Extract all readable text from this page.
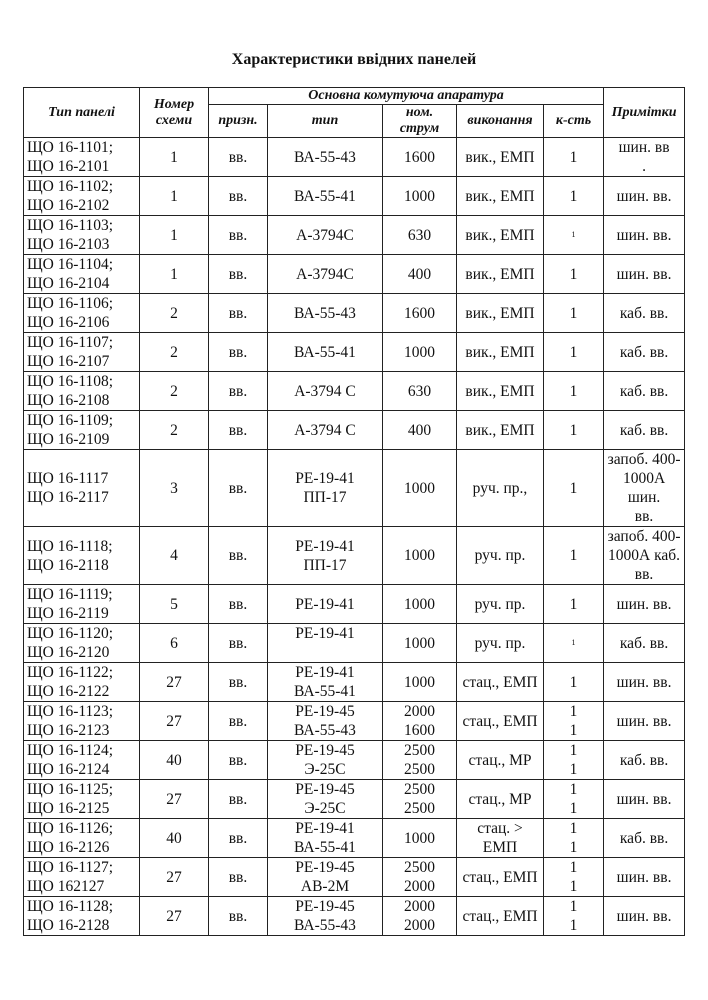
Характеристики ввідних панелей
Тип панелі	Номер схеми	Основна комутуюча апаратура					Примітки
		призн.	тип	ном. струм	виконання	к-сть	

ЩО 16-1101;
ЩО 16-2101	1	вв.	ВА-55-43	1600	вик., ЕМП	1	шин. вв
.

ЩО 16-1102;
ЩО 16-2102	1	вв.	ВА-55-41	1000	вик., ЕМП	1	шин. вв.

ЩО 16-1103;
ЩО 16-2103	1	вв.	А-3794С	630	вик., ЕМП	1	шин. вв.

ЩО 16-1104;
ЩО 16-2104	1	вв.	А-3794С	400	вик., ЕМП	1	шин. вв.

ЩО 16-1106;
ЩО 16-2106	2	вв.	ВА-55-43	1600	вик., ЕМП	1	каб. вв.

ЩО 16-1107;
ЩО 16-2107	2	вв.	ВА-55-41	1000	вик., ЕМП	1	каб. вв.

ЩО 16-1108;
ЩО 16-2108	2	вв.	А-3794 С	630	вик., ЕМП	1	каб. вв.

ЩО 16-1109;
ЩО 16-2109	2	вв.	А-3794 С	400	вик., ЕМП	1	каб. вв.

ЩО 16-1117
ЩО 16-2117	3	вв.	РЕ-19-41
ПП-17	1000	руч. пр.,	1	запоб. 400-
1000А шин.
вв.

ЩО 16-1118;
ЩО 16-2118	4	вв.	РЕ-19-41
ПП-17	1000	руч. пр.	1	запоб. 400-
1000А каб.
вв.

ЩО 16-1119;
ЩО 16-2119	5	вв.	РЕ-19-41	1000	руч. пр.	1	шин. вв.

ЩО 16-1120;
ЩО 16-2120	6	вв.	РЕ-19-41	1000	руч. пр.	1	каб. вв.

ЩО 16-1122;
ЩО 16-2122	27	вв.	РЕ-19-41
ВА-55-41	1000	стац., ЕМП	1	шин. вв.

ЩО 16-1123;
ЩО 16-2123	27	вв.	РЕ-19-45
ВА-55-43	2000
1600	стац., ЕМП	1
1	шин. вв.

ЩО 16-1124;
ЩО 16-2124	40	вв.	РЕ-19-45
Э-25С	2500
2500	стац., МР	1
1	каб. вв.

ЩО 16-1125;
ЩО 16-2125	27	вв.	РЕ-19-45
Э-25С	2500
2500	стац., МР	1
1	шин. вв.

ЩО 16-1126;
ЩО 16-2126	40	вв.	РЕ-19-41
ВА-55-41	1000	стац. >
ЕМП	1
1	каб. вв.

ЩО 16-1127;
ЩО 162127	27	вв.	РЕ-19-45
АВ-2М	2500
2000	стац., ЕМП	1
1	шин. вв.

ЩО 16-1128;
ЩО 16-2128	27	вв.	РЕ-19-45
ВА-55-43	2000
2000	стац., ЕМП	1
1	шин. вв.
